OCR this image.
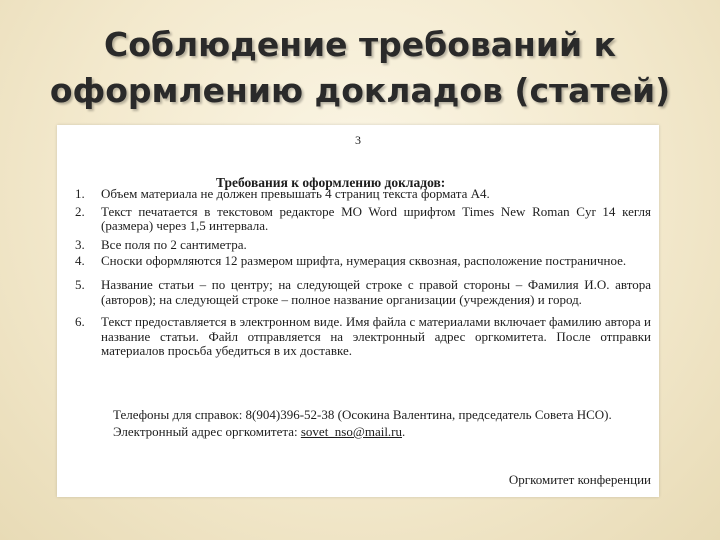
Соблюдение требований к
оформлению докладов (статей)
3
Требования к оформлению докладов:
1. Объем материала не должен превышать 4 страниц текста формата А4.
2. Текст печатается в текстовом редакторе MO Word шрифтом Times New Roman Cyr 14 кегля (размера) через 1,5 интервала.
3. Все поля по 2 сантиметра.
4. Сноски оформляются 12 размером шрифта, нумерация сквозная, расположение постраничное.
5. Название статьи – по центру; на следующей строке с правой стороны – Фамилия И.О. автора (авторов); на следующей строке – полное название организации (учреждения) и город.
6. Текст предоставляется в электронном виде. Имя файла с материалами включает фамилию автора и название статьи. Файл отправляется на электронный адрес оргкомитета. После отправки материалов просьба убедиться в их доставке.
Телефоны для справок: 8(904)396-52-38 (Осокина Валентина, председатель Совета НСО).
Электронный адрес оргкомитета: sovet_nso@mail.ru.
Оргкомитет конференции
